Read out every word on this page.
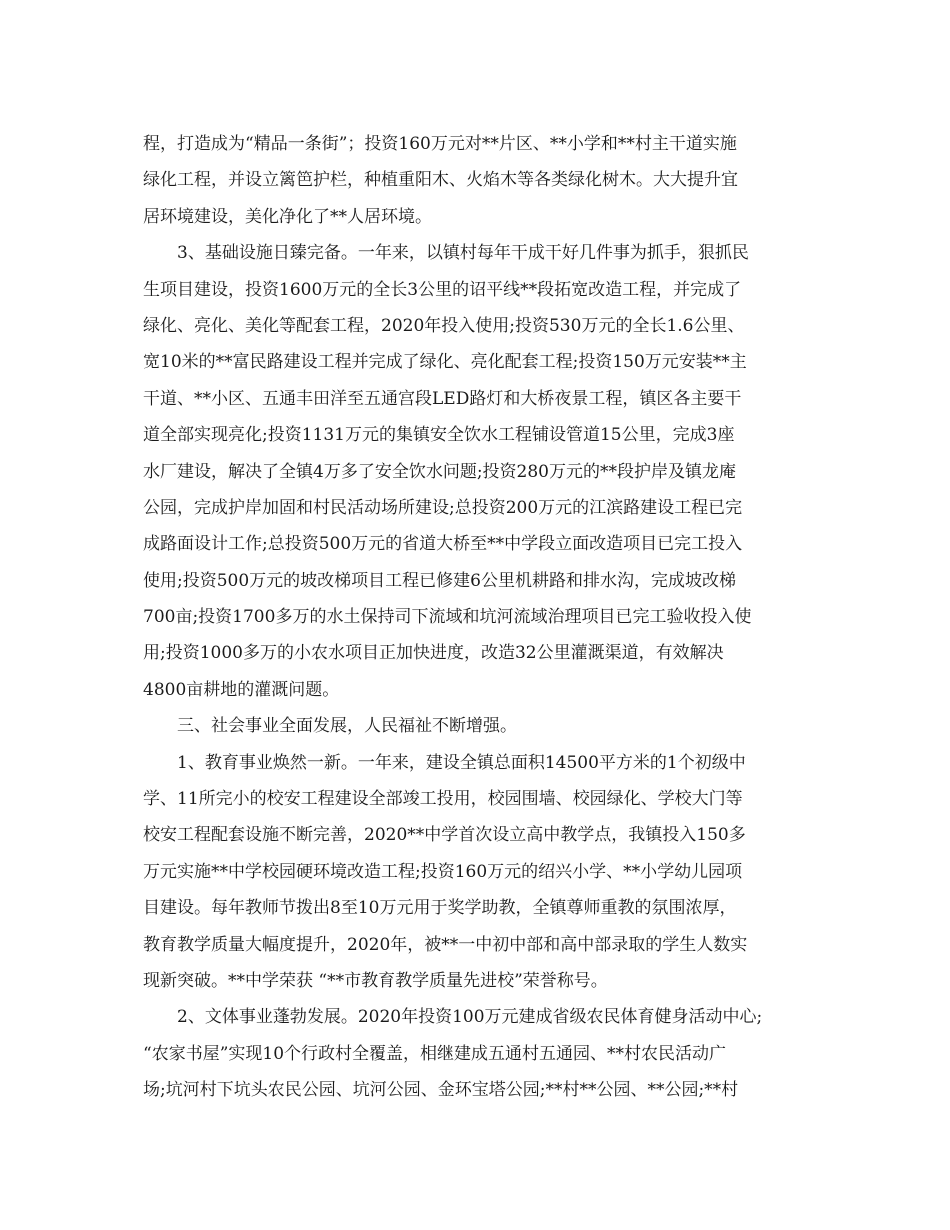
程，打造成为“精品一条街”；投资160万元对**片区、**小学和**村主干道实施
绿化工程，并设立篱笆护栏，种植重阳木、火焰木等各类绿化树木。大大提升宜
居环境建设，美化净化了**人居环境。
3、基础设施日臻完备。一年来，以镇村每年干成干好几件事为抓手，狠抓民
生项目建设，投资1600万元的全长3公里的诏平线**段拓宽改造工程，并完成了
绿化、亮化、美化等配套工程，2020年投入使用;投资530万元的全长1.6公里、
宽10米的**富民路建设工程并完成了绿化、亮化配套工程;投资150万元安装**主
干道、**小区、五通丰田洋至五通宫段LED路灯和大桥夜景工程，镇区各主要干
道全部实现亮化;投资1131万元的集镇安全饮水工程铺设管道15公里，完成3座
水厂建设，解决了全镇4万多了安全饮水问题;投资280万元的**段护岸及镇龙庵
公园，完成护岸加固和村民活动场所建设;总投资200万元的江滨路建设工程已完
成路面设计工作;总投资500万元的省道大桥至**中学段立面改造项目已完工投入
使用;投资500万元的坡改梯项目工程已修建6公里机耕路和排水沟，完成坡改梯
700亩;投资1700多万的水土保持司下流域和坑河流域治理项目已完工验收投入使
用;投资1000多万的小农水项目正加快进度，改造32公里灌溉渠道，有效解决
4800亩耕地的灌溉问题。
三、社会事业全面发展，人民福祉不断增强。
1、教育事业焕然一新。一年来，建设全镇总面积14500平方米的1个初级中
学、11所完小的校安工程建设全部竣工投用，校园围墙、校园绿化、学校大门等
校安工程配套设施不断完善，2020**中学首次设立高中教学点，我镇投入150多
万元实施**中学校园硬环境改造工程;投资160万元的绍兴小学、**小学幼儿园项
目建设。每年教师节拨出8至10万元用于奖学助教，全镇尊师重教的氛围浓厚，
教育教学质量大幅度提升，2020年，被**一中初中部和高中部录取的学生人数实
现新突破。**中学荣获 “**市教育教学质量先进校”荣誉称号。
2、文体事业蓬勃发展。2020年投资100万元建成省级农民体育健身活动中心;
“农家书屋”实现10个行政村全覆盖，相继建成五通村五通园、**村农民活动广
场;坑河村下坑头农民公园、坑河公园、金环宝塔公园;**村**公园、**公园;**村
